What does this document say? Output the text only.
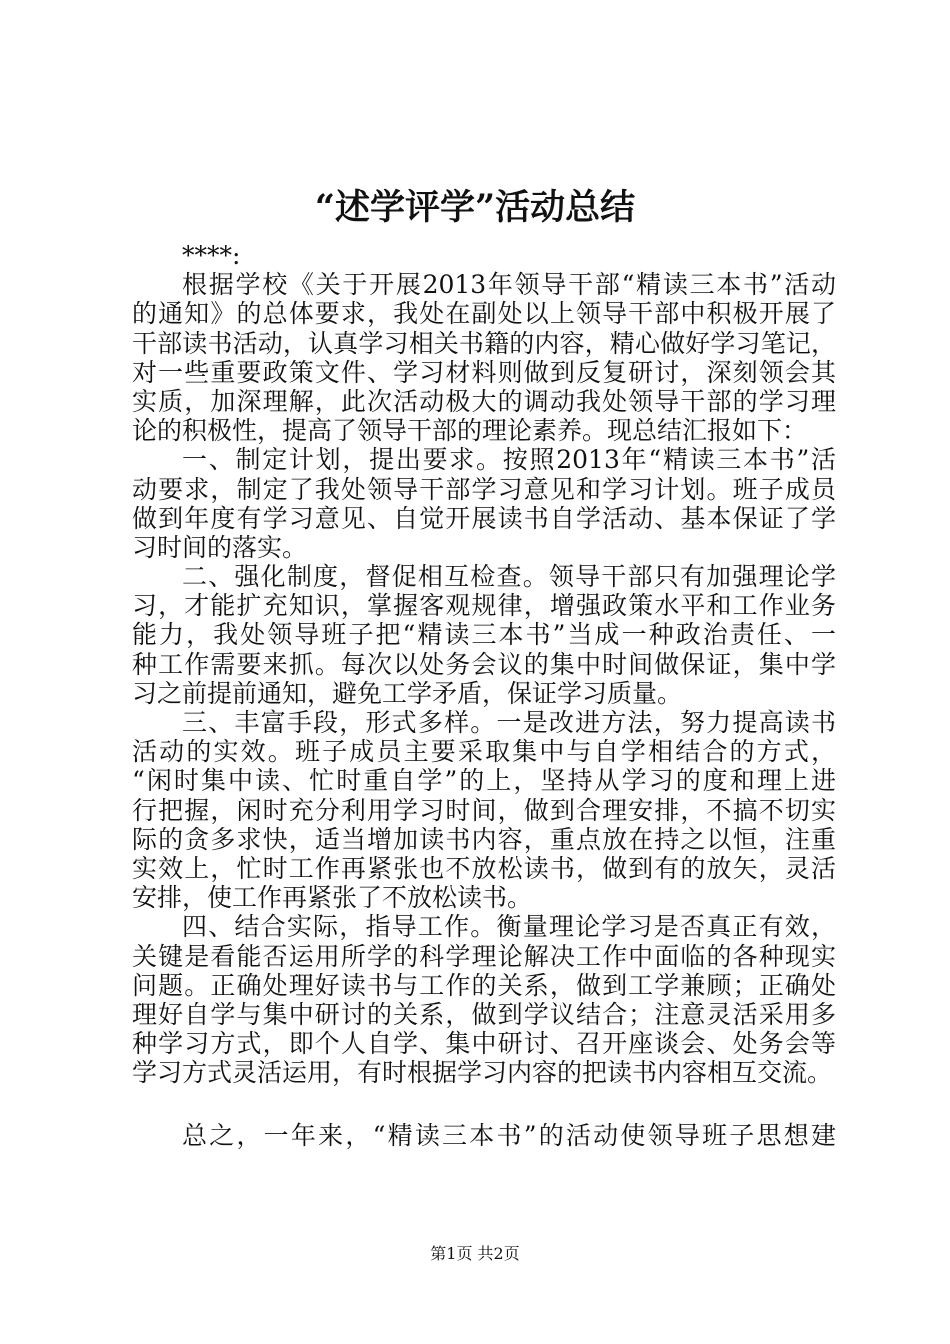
“述学评学”活动总结
****:
根据学校《关于开展2013年领导干部“精读三本书”活动
的通知》的总体要求，我处在副处以上领导干部中积极开展了
干部读书活动，认真学习相关书籍的内容，精心做好学习笔记，
对一些重要政策文件、学习材料则做到反复研讨，深刻领会其
实质，加深理解，此次活动极大的调动我处领导干部的学习理
论的积极性，提高了领导干部的理论素养。现总结汇报如下：
一、制定计划，提出要求。按照2013年“精读三本书”活
动要求，制定了我处领导干部学习意见和学习计划。班子成员
做到年度有学习意见、自觉开展读书自学活动、基本保证了学
习时间的落实。
二、强化制度，督促相互检查。领导干部只有加强理论学
习，才能扩充知识，掌握客观规律，增强政策水平和工作业务
能力，我处领导班子把“精读三本书”当成一种政治责任、一
种工作需要来抓。每次以处务会议的集中时间做保证，集中学
习之前提前通知，避免工学矛盾，保证学习质量。
三、丰富手段，形式多样。一是改进方法，努力提高读书
活动的实效。班子成员主要采取集中与自学相结合的方式，
“闲时集中读、忙时重自学”的上，坚持从学习的度和理上进
行把握，闲时充分利用学习时间，做到合理安排，不搞不切实
际的贪多求快，适当增加读书内容，重点放在持之以恒，注重
实效上，忙时工作再紧张也不放松读书，做到有的放矢，灵活
安排，使工作再紧张了不放松读书。
四、结合实际，指导工作。衡量理论学习是否真正有效，
关键是看能否运用所学的科学理论解决工作中面临的各种现实
问题。正确处理好读书与工作的关系，做到工学兼顾；正确处
理好自学与集中研讨的关系，做到学议结合；注意灵活采用多
种学习方式，即个人自学、集中研讨、召开座谈会、处务会等
学习方式灵活运用，有时根据学习内容的把读书内容相互交流。
总之，一年来，“精读三本书”的活动使领导班子思想建
第1页 共2页
